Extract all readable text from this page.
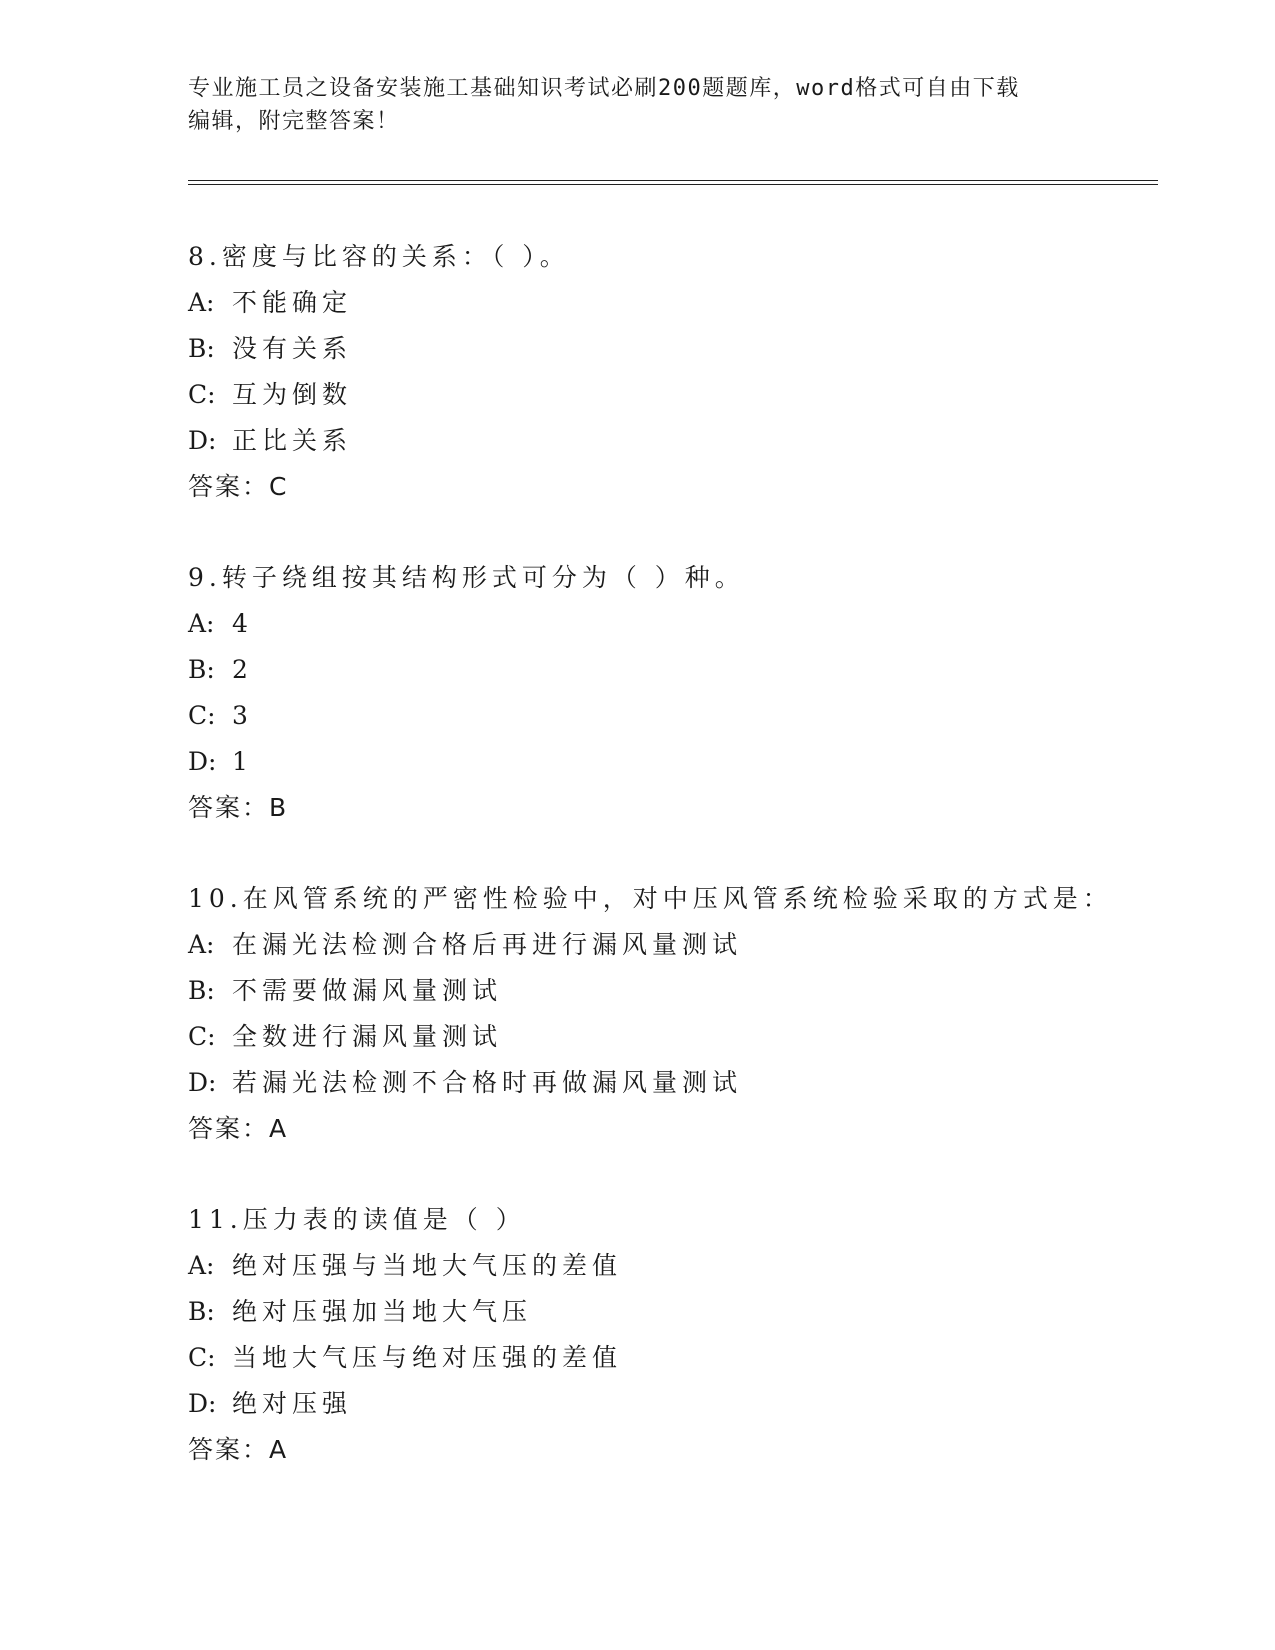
专业施工员之设备安装施工基础知识考试必刷200题题库，word格式可自由下载
编辑，附完整答案！
8.密度与比容的关系：（ ）。
A: 不能确定
B: 没有关系
C: 互为倒数
D: 正比关系
答案：C
9.转子绕组按其结构形式可分为（ ）种。
A: 4
B: 2
C: 3
D: 1
答案：B
10.在风管系统的严密性检验中，对中压风管系统检验采取的方式是：
A: 在漏光法检测合格后再进行漏风量测试
B: 不需要做漏风量测试
C: 全数进行漏风量测试
D: 若漏光法检测不合格时再做漏风量测试
答案：A
11.压力表的读值是（ ）
A: 绝对压强与当地大气压的差值
B: 绝对压强加当地大气压
C: 当地大气压与绝对压强的差值
D: 绝对压强
答案：A
